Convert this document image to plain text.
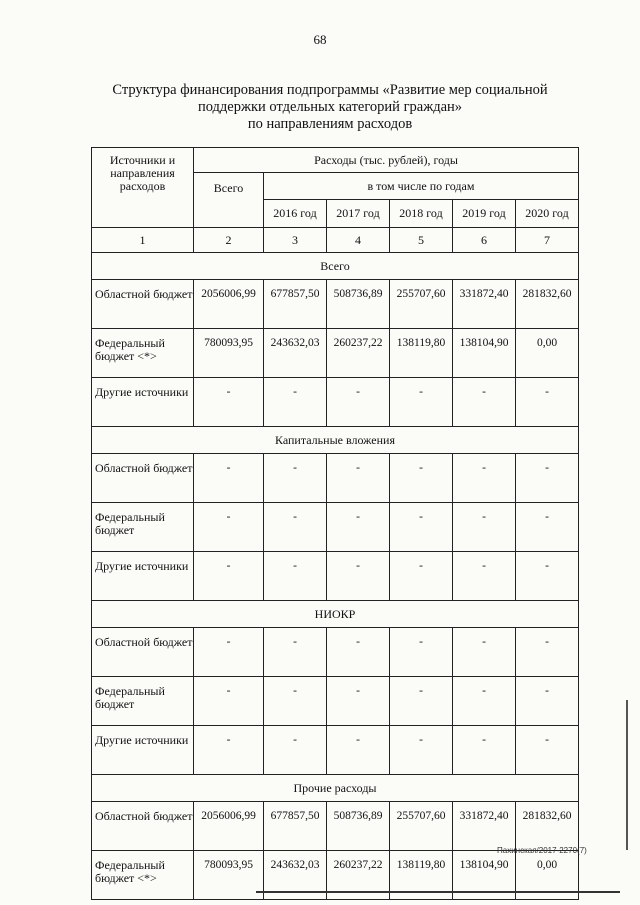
68
Структура финансирования подпрограммы «Развитие мер социальной
поддержки отдельных категорий граждан»
по направлениям расходов
Источники и направления расходов	Расходы (тыс. рублей), годы					
	Всего	в том числе по годам				
		2016 год	2017 год	2018 год	2019 год	2020 год
1	2	3	4	5	6	7
Всего						
Областной бюджет	2056006,99	677857,50	508736,89	255707,60	331872,40	281832,60
Федеральный бюджет <*>	780093,95	243632,03	260237,22	138119,80	138104,90	0,00
Другие источники	-	-	-	-	-	-
Капитальные вложения						
Областной бюджет	-	-	-	-	-	-
Федеральный бюджет	-	-	-	-	-	-
Другие источники	-	-	-	-	-	-
НИОКР						
Областной бюджет	-	-	-	-	-	-
Федеральный бюджет	-	-	-	-	-	-
Другие источники	-	-	-	-	-	-
Прочие расходы						
Областной бюджет	2056006,99	677857,50	508736,89	255707,60	331872,40	281832,60
Федеральный бюджет <*>	780093,95	243632,03	260237,22	138119,80	138104,90	0,00
Пахинская/2017-2270(7)
